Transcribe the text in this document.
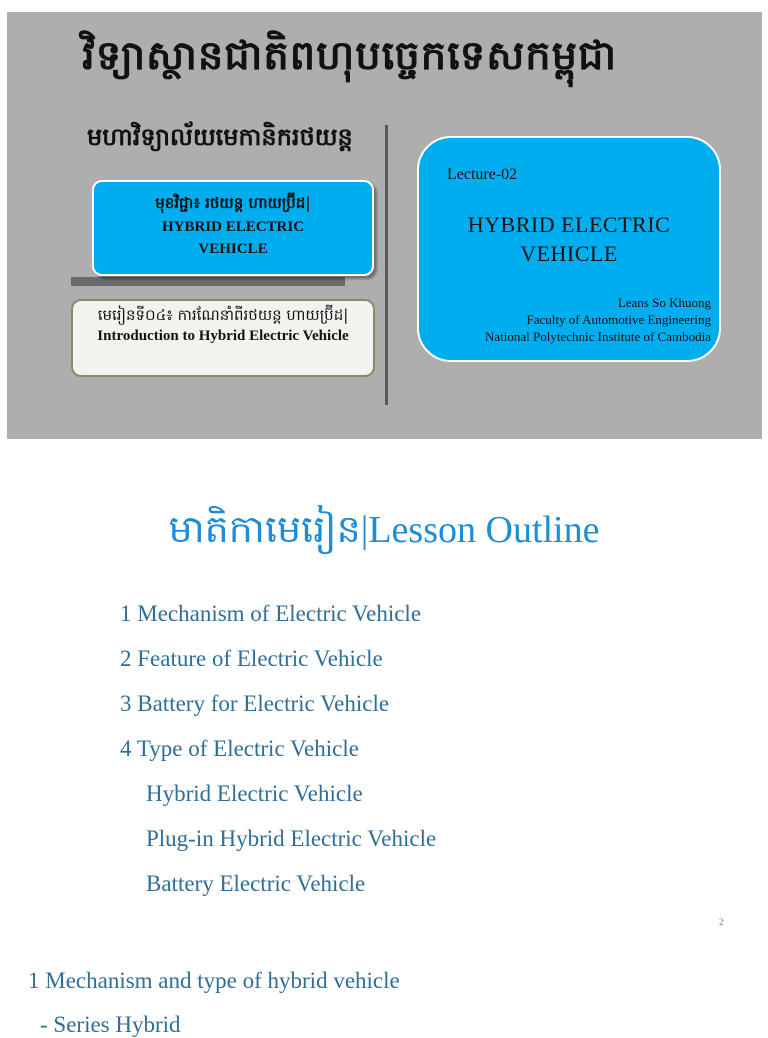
វិទ្យាស្ថានជាតិពហុបច្ចេកទេសកម្ពុជា
មហាវិទ្យាល័យមេកានិករថយន្ត
មុខវិជ្ជា៖ រថយន្ត ហាយប្រ៊ីដ|
HYBRID ELECTRIC VEHICLE
មេរៀនទី០៤៖ ការណែនាំពីរថយន្ត ហាយប្រ៊ីដ|
Introduction to Hybrid Electric Vehicle
Lecture-02
HYBRID ELECTRIC VEHICLE
Leans So Khuong
Faculty of Automotive Engineering
National Polytechnic Institute of Cambodia
មាតិកាមេរៀន|Lesson Outline
1 Mechanism of Electric Vehicle
2 Feature of Electric Vehicle
3 Battery for Electric Vehicle
4 Type of Electric Vehicle
Hybrid Electric Vehicle
Plug-in Hybrid Electric Vehicle
Battery Electric Vehicle
2
1 Mechanism and type of hybrid vehicle
- Series Hybrid
